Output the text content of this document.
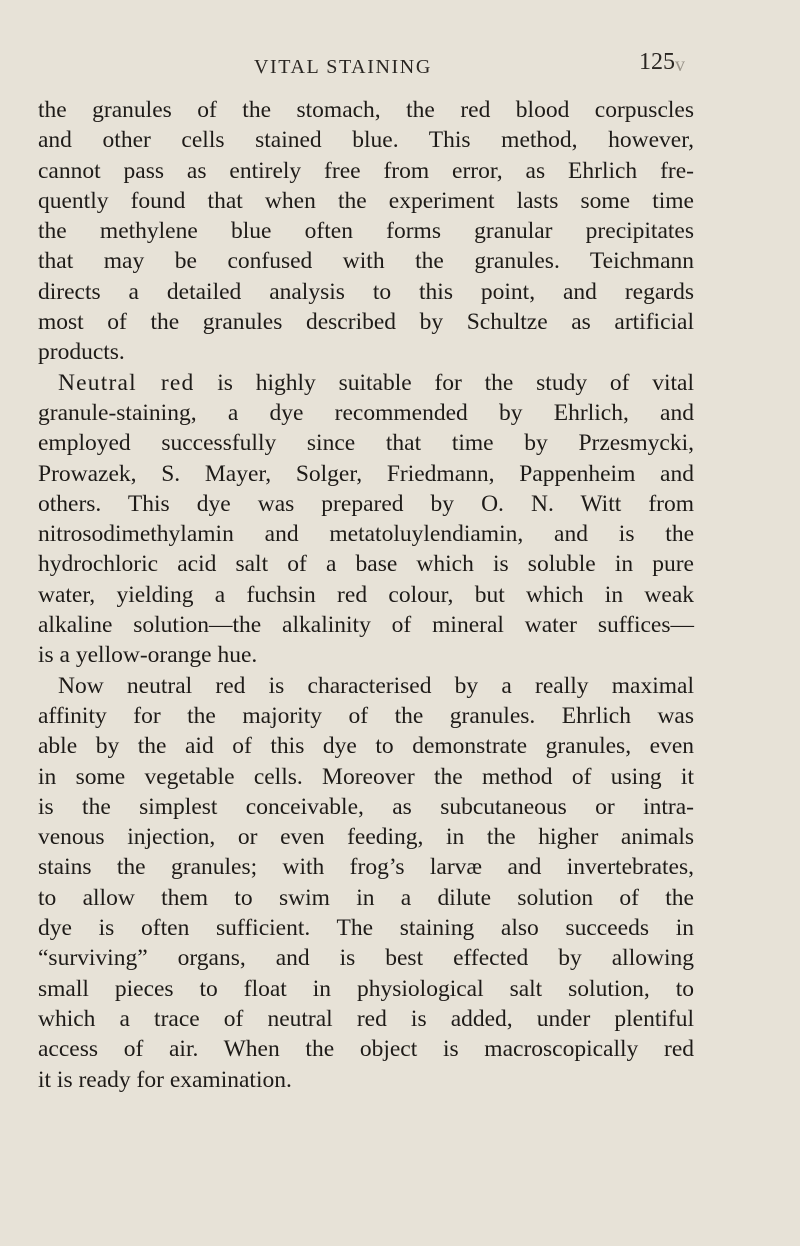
VITAL STAINING	125 v
the granules of the stomach, the red blood corpuscles
and other cells stained blue. This method, however,
cannot pass as entirely free from error, as Ehrlich fre-
quently found that when the experiment lasts some time
the methylene blue often forms granular precipitates
that may be confused with the granules. Teichmann
directs a detailed analysis to this point, and regards
most of the granules described by Schultze as artificial
products.
Neutral red is highly suitable for the study of vital
granule-staining, a dye recommended by Ehrlich, and
employed successfully since that time by Przesmycki,
Prowazek, S. Mayer, Solger, Friedmann, Pappenheim and
others. This dye was prepared by O. N. Witt from
nitrosodimethylamin and metatoluylendiamin, and is the
hydrochloric acid salt of a base which is soluble in pure
water, yielding a fuchsin red colour, but which in weak
alkaline solution—the alkalinity of mineral water suffices—
is a yellow-orange hue.
Now neutral red is characterised by a really maximal
affinity for the majority of the granules. Ehrlich was
able by the aid of this dye to demonstrate granules, even
in some vegetable cells. Moreover the method of using it
is the simplest conceivable, as subcutaneous or intra-
venous injection, or even feeding, in the higher animals
stains the granules; with frog’s larvæ and invertebrates,
to allow them to swim in a dilute solution of the
dye is often sufficient. The staining also succeeds in
“surviving” organs, and is best effected by allowing
small pieces to float in physiological salt solution, to
which a trace of neutral red is added, under plentiful
access of air. When the object is macroscopically red
it is ready for examination.
